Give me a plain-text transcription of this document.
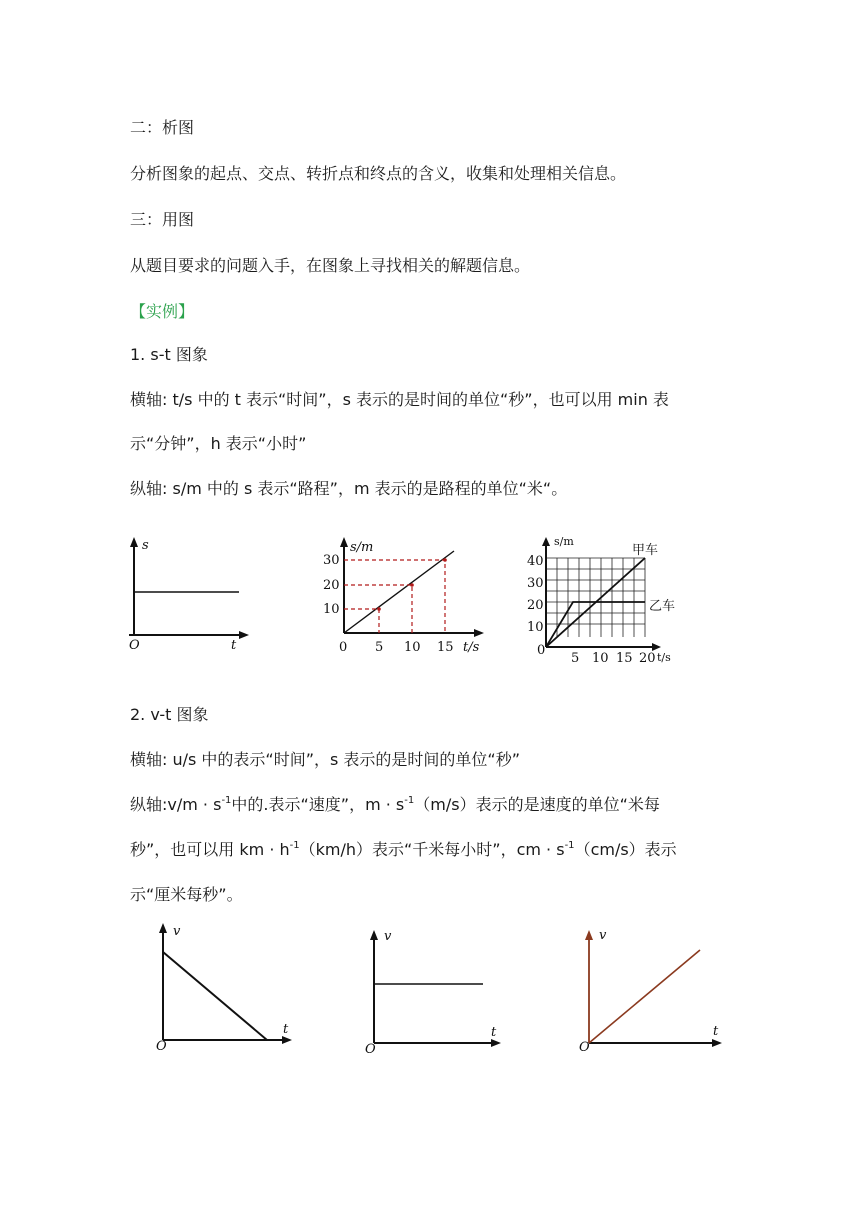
二：析图
分析图象的起点、交点、转折点和终点的含义，收集和处理相关信息。
三：用图
从题目要求的问题入手，在图象上寻找相关的解题信息。
【实例】
1. s-t 图象
横轴: t/s 中的 t 表示“时间”，s 表示的是时间的单位“秒”，也可以用 min 表
示“分钟”，h 表示“小时”
纵轴: s/m 中的 s 表示“路程”，m 表示的是路程的单位“米“。
2. v-t 图象
横轴: u/s 中的表示“时间”，s 表示的是时间的单位“秒”
纵轴:v/m · $s^{-1}$中的.表示“速度”，$m \cdot s^{-1}(m/s)$表示的是速度的单位“米每
秒”，也可以用 km · $h^{-1}(km/h)$表示“千米每小时”，cm · $s^{-1}(cm/s)$表示
示“厘米每秒”。
s
t
O
s/m
t/s
0 5 10 15
10
20
30
s/m
t/s
0
5 10 15 20
10
20
30
40
甲车
乙车
v
t
O
v
t
O
v
t
O
